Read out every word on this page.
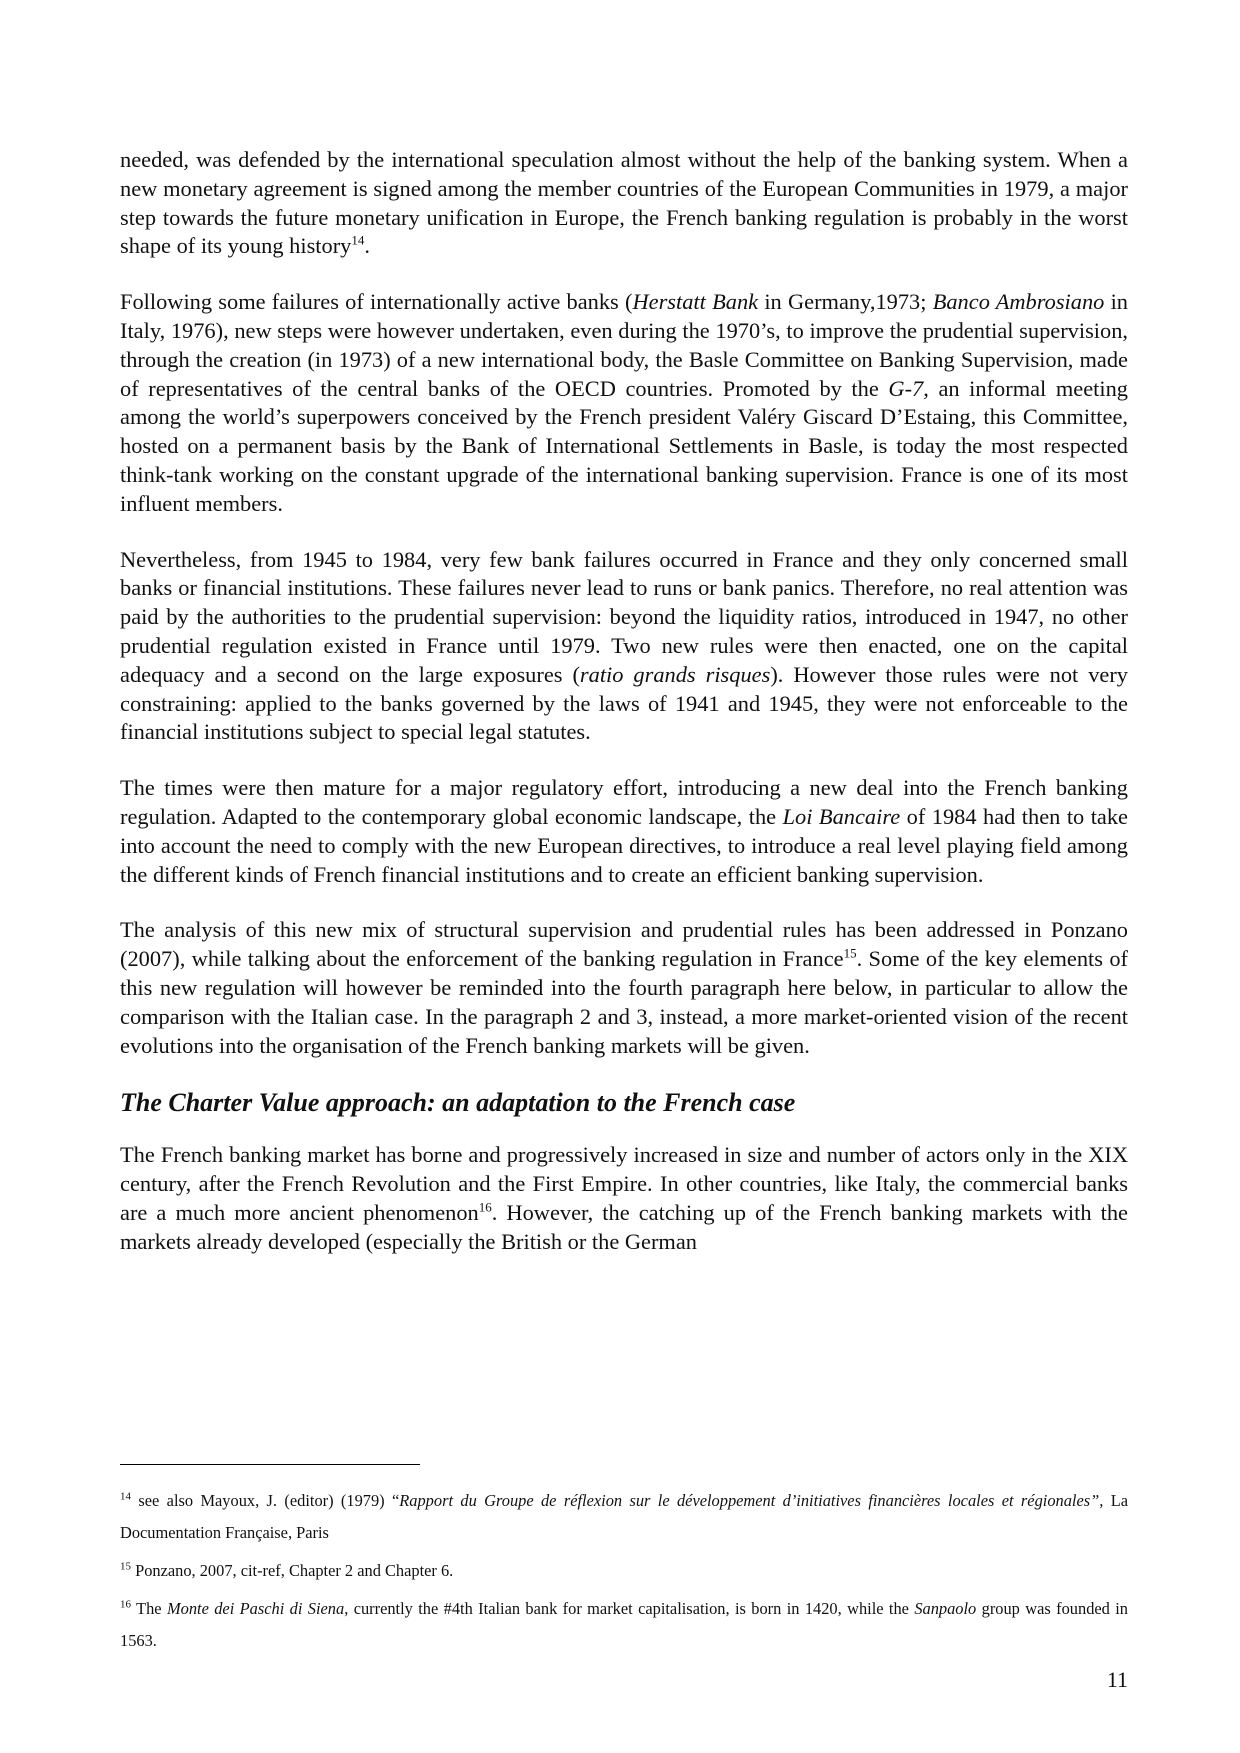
needed, was defended by the international speculation almost without the help of the banking system. When a new monetary agreement is signed among the member countries of the European Communities in 1979, a major step towards the future monetary unification in Europe, the French banking regulation is probably in the worst shape of its young history$^{14}$.

Following some failures of internationally active banks (Herstatt Bank in Germany,1973; Banco Ambrosiano in Italy, 1976), new steps were however undertaken, even during the 1970’s, to improve the prudential supervision, through the creation (in 1973) of a new international body, the Basle Committee on Banking Supervision, made of representatives of the central banks of the OECD countries. Promoted by the G-7, an informal meeting among the world’s superpowers conceived by the French president Valéry Giscard D’Estaing, this Committee, hosted on a permanent basis by the Bank of International Settlements in Basle, is today the most respected think-tank working on the constant upgrade of the international banking supervision. France is one of its most influent members.

Nevertheless, from 1945 to 1984, very few bank failures occurred in France and they only concerned small banks or financial institutions. These failures never lead to runs or bank panics. Therefore, no real attention was paid by the authorities to the prudential supervision: beyond the liquidity ratios, introduced in 1947, no other prudential regulation existed in France until 1979. Two new rules were then enacted, one on the capital adequacy and a second on the large exposures (ratio grands risques). However those rules were not very constraining: applied to the banks governed by the laws of 1941 and 1945, they were not enforceable to the financial institutions subject to special legal statutes.

The times were then mature for a major regulatory effort, introducing a new deal into the French banking regulation. Adapted to the contemporary global economic landscape, the Loi Bancaire of 1984 had then to take into account the need to comply with the new European directives, to introduce a real level playing field among the different kinds of French financial institutions and to create an efficient banking supervision.

The analysis of this new mix of structural supervision and prudential rules has been addressed in Ponzano (2007), while talking about the enforcement of the banking regulation in France$^{15}$. Some of the key elements of this new regulation will however be reminded into the fourth paragraph here below, in particular to allow the comparison with the Italian case. In the paragraph 2 and 3, instead, a more market-oriented vision of the recent evolutions into the organisation of the French banking markets will be given.

The Charter Value approach: an adaptation to the French case

The French banking market has borne and progressively increased in size and number of actors only in the XIX century, after the French Revolution and the First Empire. In other countries, like Italy, the commercial banks are a much more ancient phenomenon$^{16}$. However, the catching up of the French banking markets with the markets already developed (especially the British or the German

$^{14}$ see also Mayoux, J. (editor) (1979) “Rapport du Groupe de réflexion sur le développement d’initiatives financières locales et régionales”, La Documentation Française, Paris

$^{15}$ Ponzano, 2007, cit-ref, Chapter 2 and Chapter 6.

$^{16}$ The Monte dei Paschi di Siena, currently the #4th Italian bank for market capitalisation, is born in 1420, while the Sanpaolo group was founded in 1563.

11
